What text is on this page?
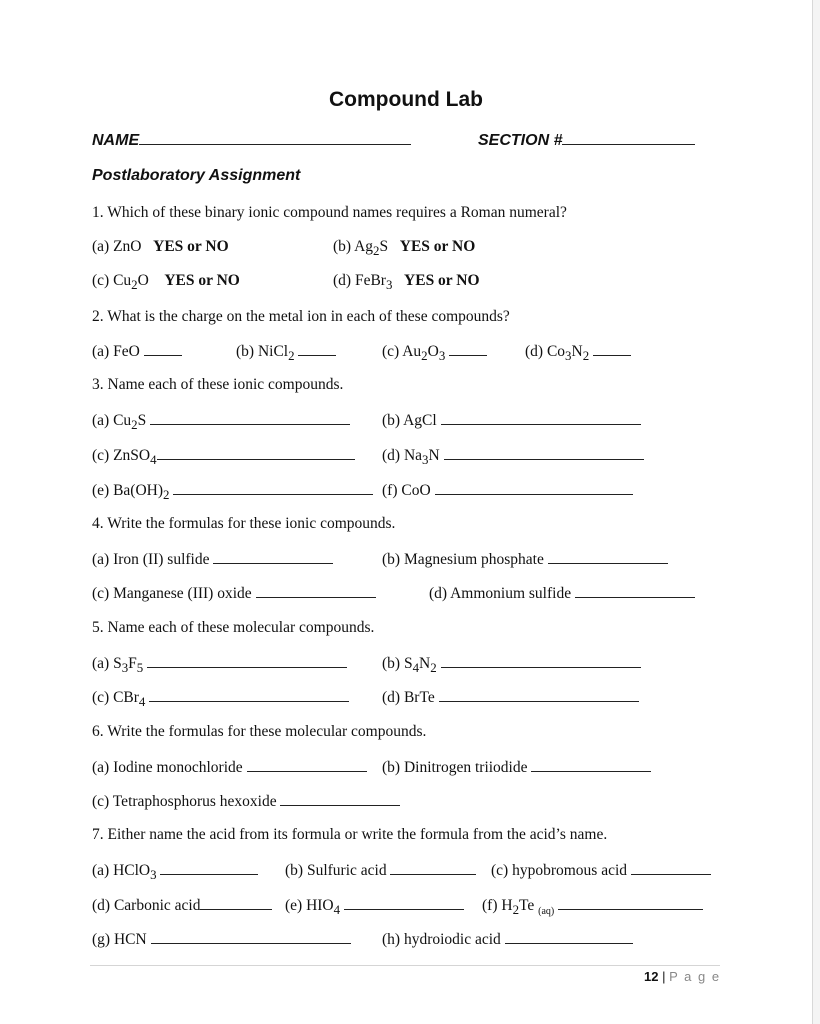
Compound Lab
NAME	SECTION #
Postlaboratory Assignment
1. Which of these binary ionic compound names requires a Roman numeral?
(a) ZnO YES or NO	(b) $Ag_2S$ YES or NO
(c) $Cu_2O$ YES or NO	(d) FeBr$_3$ YES or NO
2. What is the charge on the metal ion in each of these compounds?
(a) FeO	(b) NiCl$_2$	(c) $Au_2O_3$	(d) $Co_3N_2$
3. Name each of these ionic compounds.
(a) $Cu_2S$	(b) AgCl
(c) ZnSO$_4$	(d) $Na_3N$
(e) $Ba(OH)_2$	(f) CoO
4. Write the formulas for these ionic compounds.
(a) Iron (II) sulfide	(b) Magnesium phosphate
(c) Manganese (III) oxide	(d) Ammonium sulfide
5. Name each of these molecular compounds.
(a) $S_3F_5$	(b) $S_4N_2$
(c) CBr$_4$	(d) BrTe
6. Write the formulas for these molecular compounds.
(a) Iodine monochloride	(b) Dinitrogen triiodide
(c) Tetraphosphorus hexoxide
7. Either name the acid from its formula or write the formula from the acid’s name.
(a) HClO$_3$	(b) Sulfuric acid	(c) hypobromous acid
(d) Carbonic acid	(e) $HIO_4$	(f) $H_2Te$ $_{(aq)}$
(g) HCN	(h) hydroiodic acid
12 | P a g e
